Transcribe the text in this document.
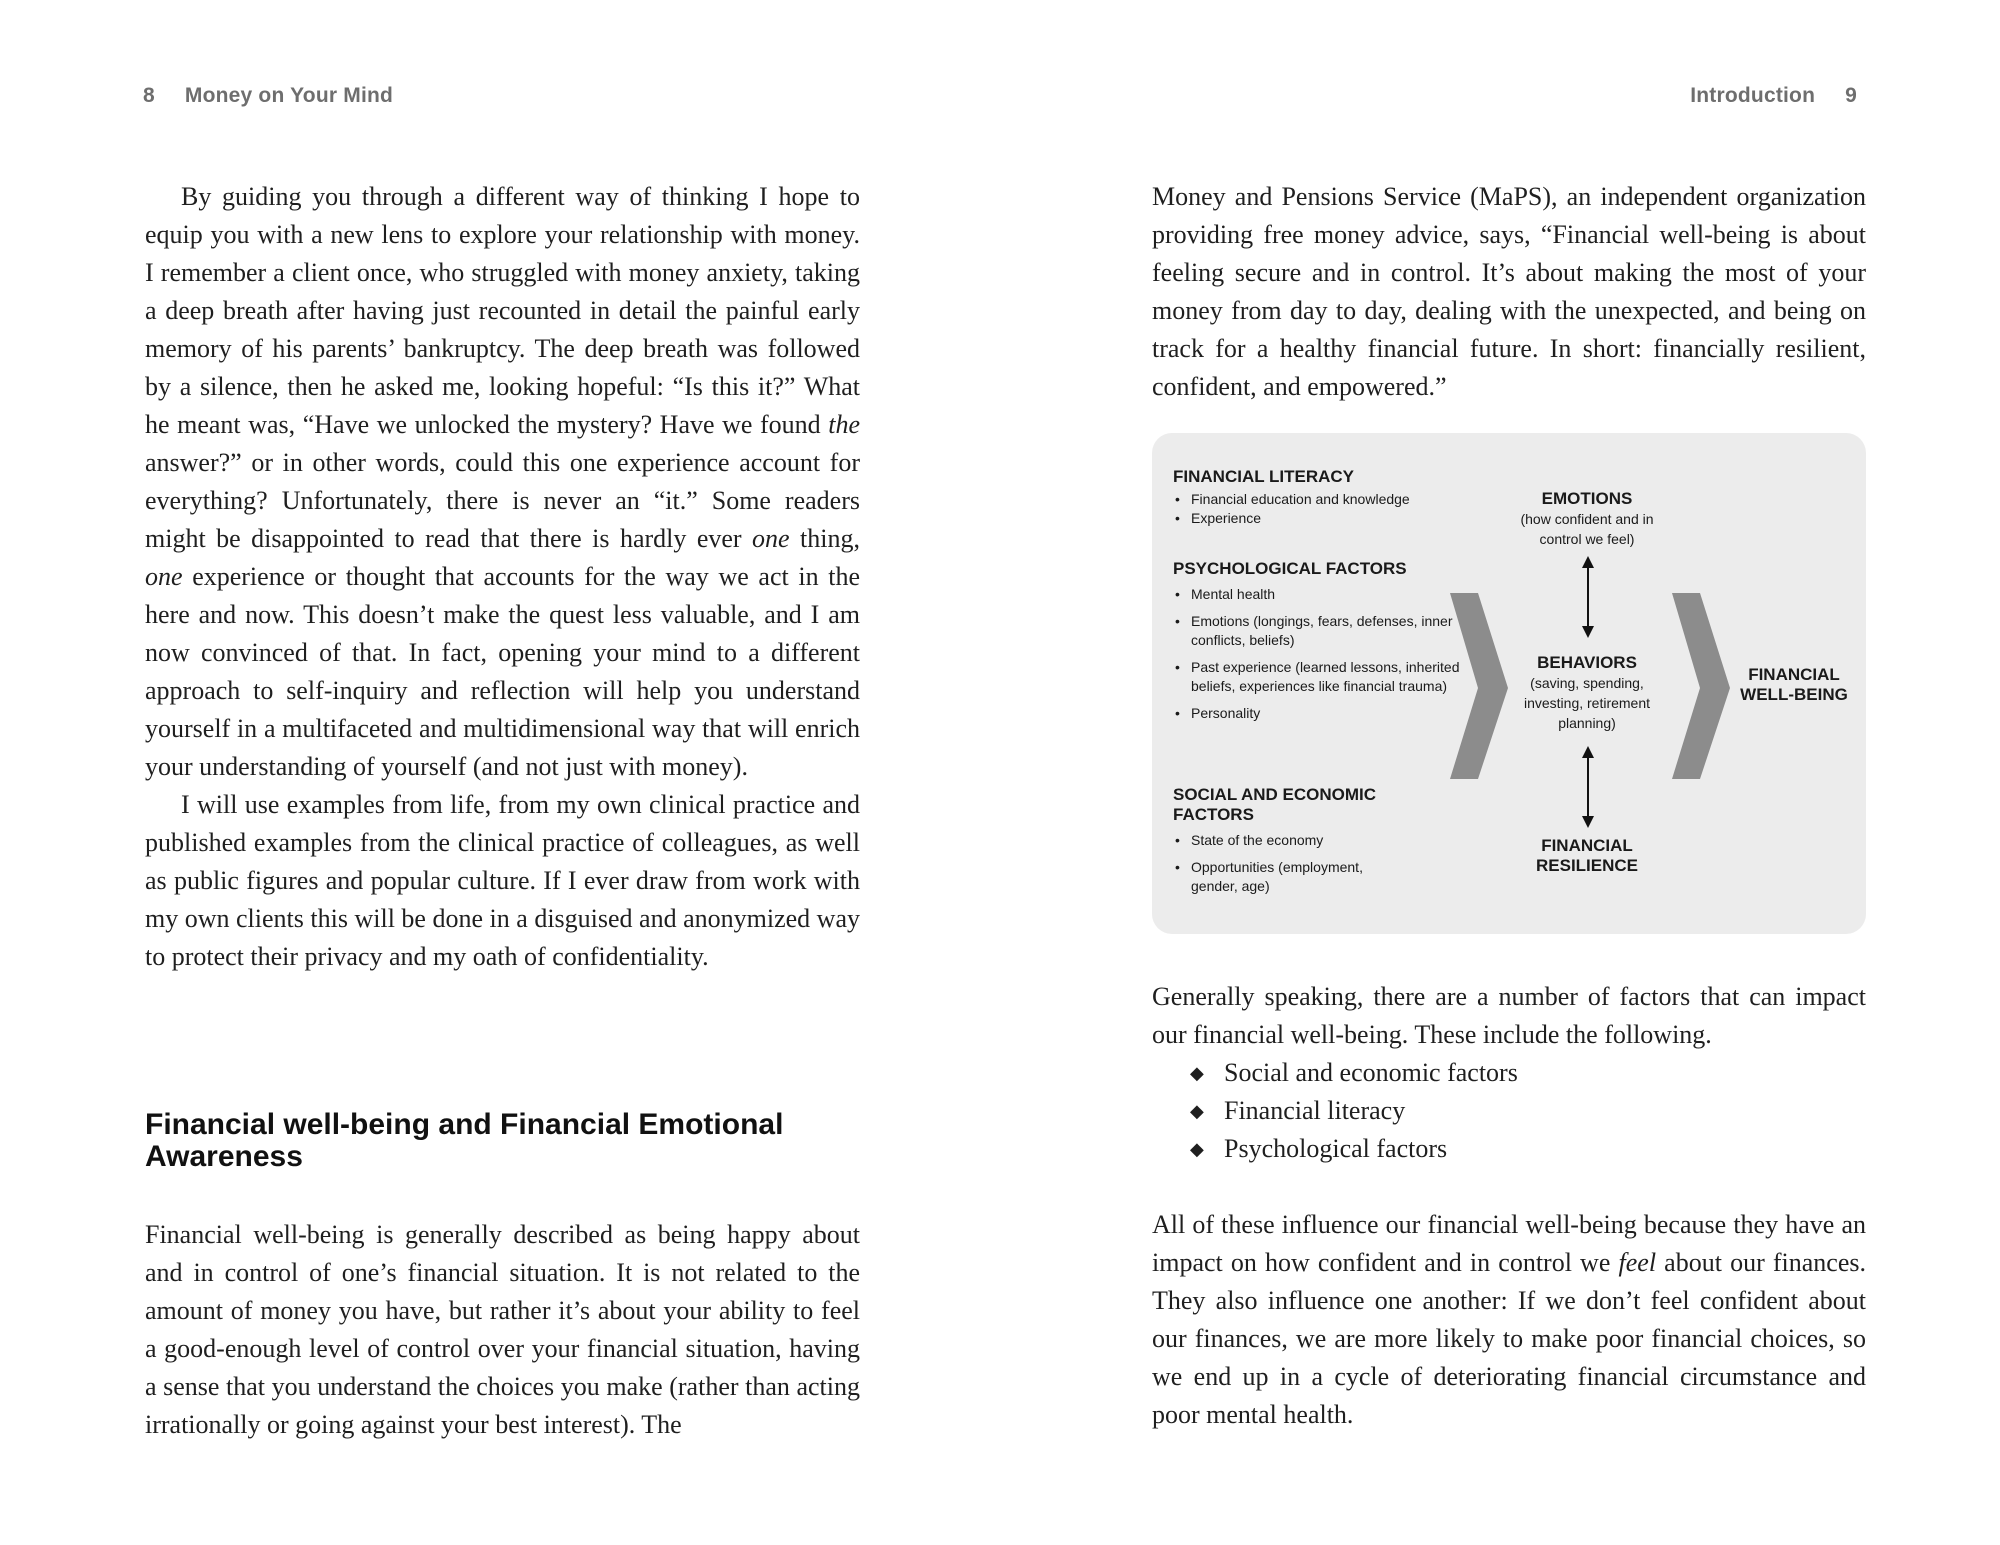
8 Money on Your Mind

By guiding you through a different way of thinking I hope to equip you with a new lens to explore your relationship with money. I remember a client once, who struggled with money anxiety, taking a deep breath after having just recounted in detail the painful early memory of his parents’ bankruptcy. The deep breath was followed by a silence, then he asked me, looking hopeful: “Is this it?” What he meant was, “Have we unlocked the mystery? Have we found the answer?” or in other words, could this one experience account for everything? Unfortunately, there is never an “it.” Some readers might be disappointed to read that there is hardly ever one thing, one experience or thought that accounts for the way we act in the here and now. This doesn’t make the quest less valuable, and I am now convinced of that. In fact, opening your mind to a different approach to self-inquiry and reflection will help you understand yourself in a multifaceted and multidimensional way that will enrich your understanding of yourself (and not just with money).

I will use examples from life, from my own clinical practice and published examples from the clinical practice of colleagues, as well as public figures and popular culture. If I ever draw from work with my own clients this will be done in a disguised and anonymized way to protect their privacy and my oath of confidentiality.

Financial well-being and Financial Emotional Awareness

Financial well-being is generally described as being happy about and in control of one’s financial situation. It is not related to the amount of money you have, but rather it’s about your ability to feel a good-enough level of control over your financial situation, having a sense that you understand the choices you make (rather than acting irrationally or going against your best interest). The

Introduction 9

Money and Pensions Service (MaPS), an independent organization providing free money advice, says, “Financial well-being is about feeling secure and in control. It’s about making the most of your money from day to day, dealing with the unexpected, and being on track for a healthy financial future. In short: financially resilient, confident, and empowered.”

FINANCIAL LITERACY
• Financial education and knowledge
• Experience
PSYCHOLOGICAL FACTORS
• Mental health
• Emotions (longings, fears, defenses, inner conflicts, beliefs)
• Past experience (learned lessons, inherited beliefs, experiences like financial trauma)
• Personality
SOCIAL AND ECONOMIC FACTORS
• State of the economy
• Opportunities (employment, gender, age)
EMOTIONS
(how confident and in control we feel)
BEHAVIORS
(saving, spending, investing, retirement planning)
FINANCIAL RESILIENCE
FINANCIAL WELL-BEING

Generally speaking, there are a number of factors that can impact our financial well-being. These include the following.

◆ Social and economic factors
◆ Financial literacy
◆ Psychological factors

All of these influence our financial well-being because they have an impact on how confident and in control we feel about our finances. They also influence one another: If we don’t feel confident about our finances, we are more likely to make poor financial choices, so we end up in a cycle of deteriorating financial circumstance and poor mental health.
